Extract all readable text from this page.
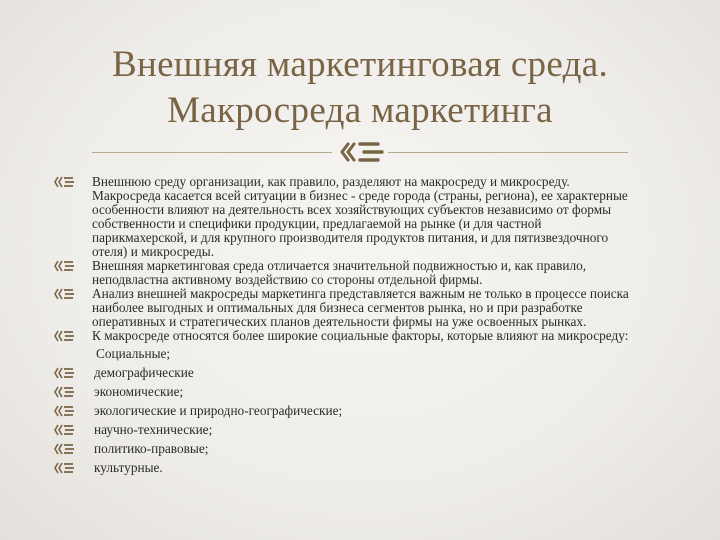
Внешняя маркетинговая среда.
Макросреда маркетинга
Внешнюю среду организации, как правило, разделяют на макросреду и микросреду. Макросреда касается всей ситуации в бизнес - среде города (страны, региона), ее характерные особенности влияют на деятельность всех хозяйствующих субъектов независимо от формы собственности и специфики продукции, предлагаемой на рынке (и для частной парикмахерской, и для крупного производителя продуктов питания, и для пятизвездочного отеля) и микросреды.
Внешняя маркетинговая среда отличается значительной подвижностью и, как правило, неподвластна активному воздействию со стороны отдельной фирмы.
Анализ внешней макросреды маркетинга представляется важным не только в процессе поиска наиболее выгодных и оптимальных для бизнеса сегментов рынка, но и при разработке оперативных и стратегических планов деятельности фирмы на уже освоенных рынках.
К макросреде относятся более широкие социальные факторы, которые влияют на микросреду:
Социальные;
демографические
экономические;
экологические и природно-географические;
научно-технические;
политико-правовые;
культурные.
